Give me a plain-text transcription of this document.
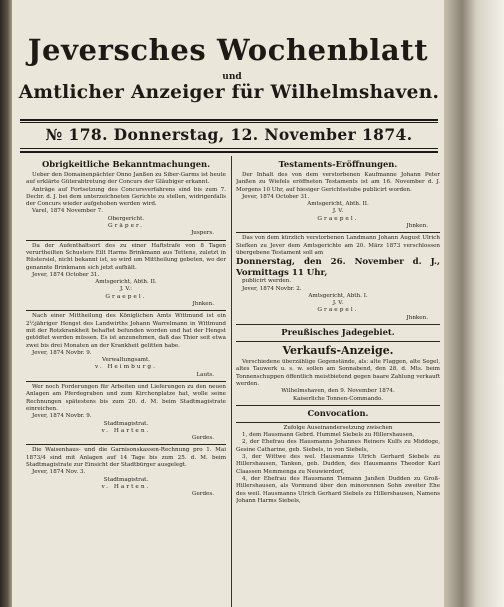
Jeversches Wochenblatt
und
Amtlicher Anzeiger für Wilhelmshaven.
№ 178. Donnerstag, 12. November 1874.
Obrigkeitliche Bekanntmachungen.

Ueber den Domainenpächter Onno Janßen zu Siber-Garms ist heute auf erklärte Güterabtretung der Concurs der Gläubiger erkannt.

Anträge auf Fortsetzung des Concursverfahrens sind bis zum 7. Decbr. d. J. bei dem unterzeichneten Gerichte zu stellen, widrigenfalls der Concurs wieder aufgehoben werden wird.

Varel, 1874 November 7.

Obergericht.

Gräper.

Juspers.

Da der Aufenthaltsort des zu einer Haftstrafe von 8 Tagen verurtheilten Schusters Eilt Harms Brinkmann aus Tettens, zuletzt in Rüstersiel, nicht bekannt ist, so wird um Mittheilung gebeten, wo der genannte Brinkmann sich jetzt aufhält.

Jever, 1874 October 31.

Amtsgericht, Abth. II.

J. V.:

Graepel.

Jhnken.

Nach einer Mittheilung des Königlichen Amts Wittmund ist ein 2½jähriger Hengst des Landwirths Johann Warrelmann in Wittmund mit der Rotzkrankheit behaftet befunden worden und hat der Hengst getödtet werden müssen. Es ist anzunehmen, daß das Thier seit etwa zwei bis drei Monaten an der Krankheit gelitten habe.

Jever, 1874 Novbr. 9.

Verwaltungsamt.

v. Heimburg.

Lauts.

Wer noch Forderungen für Arbeiten und Lieferungen zu den neuen Anlagen am Pferdegraben und zum Kirchenplatze hat, wolle seine Rechnungen spätestens bis zum 20. d. M. beim Stadtmagistrate einreichen.

Jever, 1874 Novbr. 9.

Stadtmagistrat.

v. Harten.

Gerdes.

Die Waisenhaus- und die Garnisonskassen-Rechnung pro 1. Mai 1873/4 sind mit Anlagen auf 14 Tage bis zum 25. d. M. beim Stadtmagistrate zur Einsicht der Stadtbürger ausgelegt.

Jever, 1874 Nov. 3.

Stadtmagistrat.

v. Harten.

Gerdes.

Testaments-Eröffnungen.

Der Inhalt des von dem verstorbenen Kaufmanne Johann Peter Janßen zu Wiefels eröffneten Testaments ist am 16. November d. J. Morgens 10 Uhr, auf hiesiger Gerichtsstube publicirt worden.

Jever, 1874 October 31.

Amtsgericht, Abth. II.

J. V.

Graepel.

Jhnken.

Das von dem kürzlich verstorbenen Landmann Johann August Ulrich Siefken zu Jever dem Amtsgerichte am 20. März 1873 verschlossen übergebene Testament soll am

Donnerstag, den 26. November d. J., Vormittags 11 Uhr,

publicirt werden.

Jever, 1874 Novbr. 2.

Amtsgericht, Abth. I.

J. V.

Graepel.

Jhnken.

Preußisches Jadegebiet.
Verkaufs-Anzeige.

Verschiedene überzählige Gegenstände, als: alte Flaggen, alte Segel, altes Tauwerk u. s. w. sollen am Sonnabend, den 28. d. Mts. beim Tonnenschuppen öffentlich meistbietend gegen baare Zahlung verkauft werden.

Wilhelmshaven, den 9. November 1874.

Kaiserliche Tonnen-Commando.

Convocation.

Zufolge Auseinandersetzung zwischen

1, dem Hausmann Gebrd. Hummel Siebels zu Hillershausen,

2, der Ehefrau des Hausmanns Johannes Reiners Kulfs zu Middoge, Gesine Catharine, geb. Siebels, in von Siebels,

3, der Wittwe des wel. Hausmanns Ulrich Gerhard Siebels zu Hillershausen, Tanken, geb. Dudden, des Hausmanns Theodor Karl Claassen Memmenga zu Neuwierdorf,

4, der Ehefrau des Hausmann Tiemann Janßen Dudden zu Groß-Hillershausen, als Vormund über den minorennen Sohn zweiter Ehe des weil. Hausmanns Ulrich Gerhard Siebels zu Hillershausen, Namens Johann Harms Siebels,
